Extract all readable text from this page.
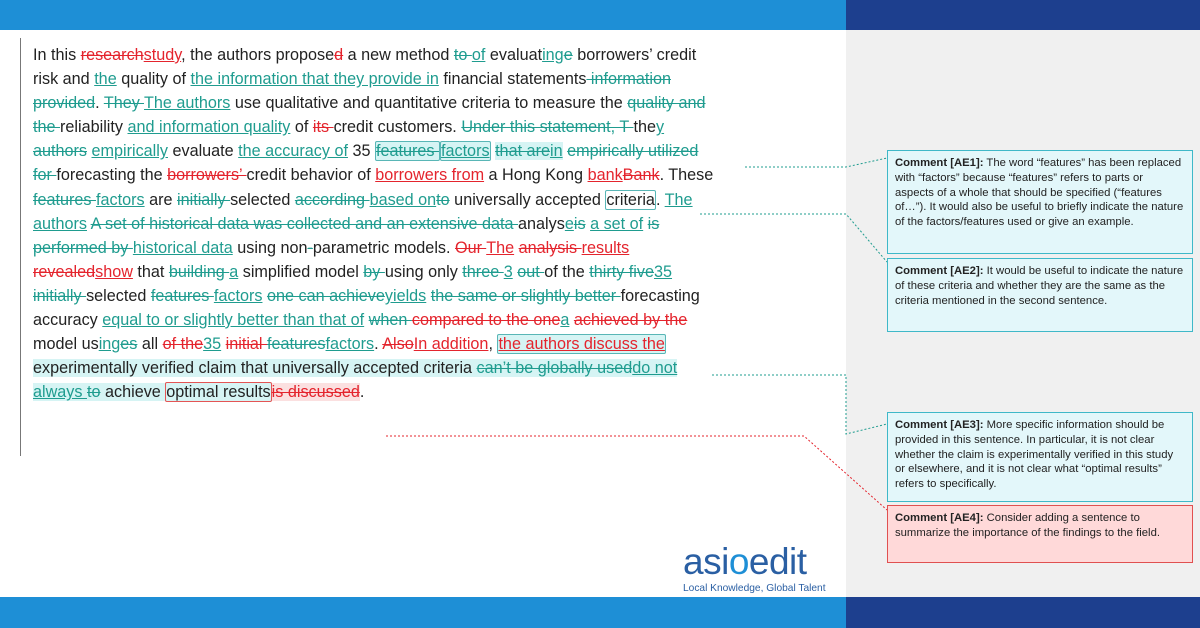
In this researchstudy, the authors proposed a new method to of evaluatinge borrowers’ credit
risk and the quality of the information that they provide in financial statements information
provided. They The authors use qualitative and quantitative criteria to measure the quality and
the reliability and information quality of its credit customers. Under this statement, T they
authors empirically evaluate the accuracy of 35 features factors that arein empirically utilized
for forecasting the borrowers’ credit behavior of borrowers from a Hong Kong bankBank. These
features factors are initially selected according based onto universally accepted criteria. The
authors A set of historical data was collected and an extensive data analyseis a set of is
performed by historical data using non-parametric models. Our The analysis results
revealedshow that building a simplified model by using only three 3 out of the thirty five35
initially selected features factors one can achieveyields the same or slightly better forecasting
accuracy equal to or slightly better than that of when compared to the onea achieved by the
model usinges all of the35 initial featuresfactors. AlsoIn addition, the authors discuss the
experimentally verified claim that universally accepted criteria can’t be globally useddo not
always to achieve optimal resultsis discussed.
Comment [AE1]: The word “features” has been replaced with “factors” because “features” refers to parts or aspects of a whole that should be specified (“features of…”). It would also be useful to briefly indicate the nature of the factors/features used or give an example.
Comment [AE2]: It would be useful to indicate the nature of these criteria and whether they are the same as the criteria mentioned in the second sentence.
Comment [AE3]: More specific information should be provided in this sentence. In particular, it is not clear whether the claim is experimentally verified in this study or elsewhere, and it is not clear what “optimal results” refers to specifically.
Comment [AE4]: Consider adding a sentence to summarize the importance of the findings to the field.
asioedit
Local Knowledge, Global Talent
